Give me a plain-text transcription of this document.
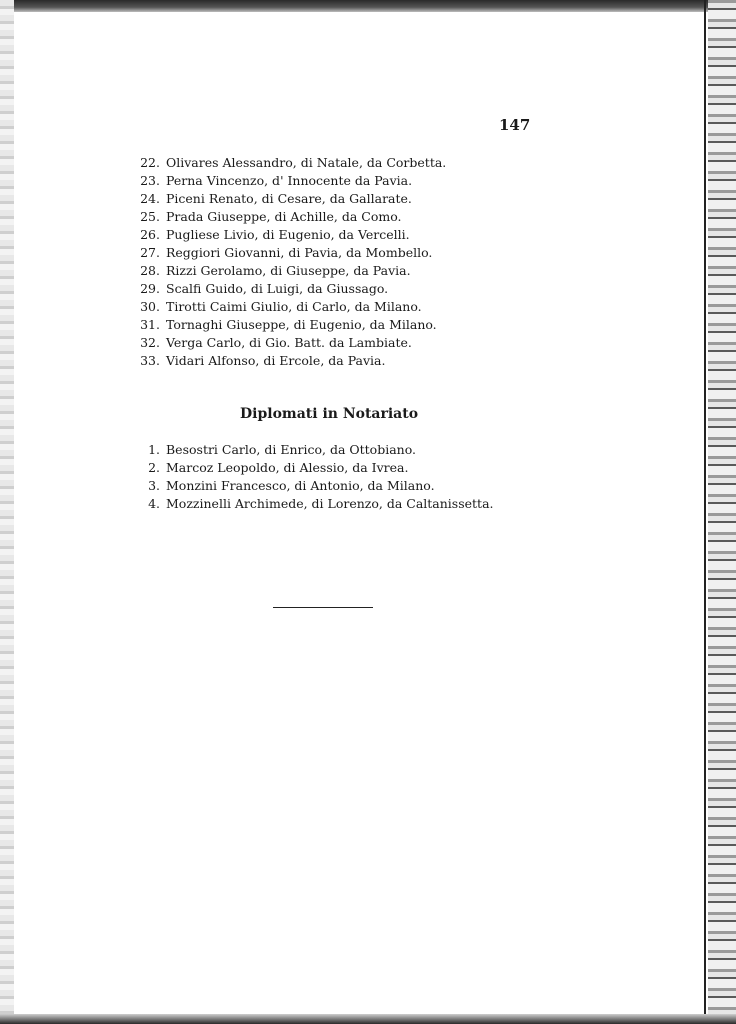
147
22. Olivares Alessandro, di Natale, da Corbetta.
23. Perna Vincenzo, d' Innocente da Pavia.
24. Piceni Renato, di Cesare, da Gallarate.
25. Prada Giuseppe, di Achille, da Como.
26. Pugliese Livio, di Eugenio, da Vercelli.
27. Reggiori Giovanni, di Pavia, da Mombello.
28. Rizzi Gerolamo, di Giuseppe, da Pavia.
29. Scalfi Guido, di Luigi, da Giussago.
30. Tirotti Caimi Giulio, di Carlo, da Milano.
31. Tornaghi Giuseppe, di Eugenio, da Milano.
32. Verga Carlo, di Gio. Batt. da Lambiate.
33. Vidari Alfonso, di Ercole, da Pavia.
Diplomati in Notariato
1. Besostri Carlo, di Enrico, da Ottobiano.
2. Marcoz Leopoldo, di Alessio, da Ivrea.
3. Monzini Francesco, di Antonio, da Milano.
4. Mozzinelli Archimede, di Lorenzo, da Caltanissetta.
